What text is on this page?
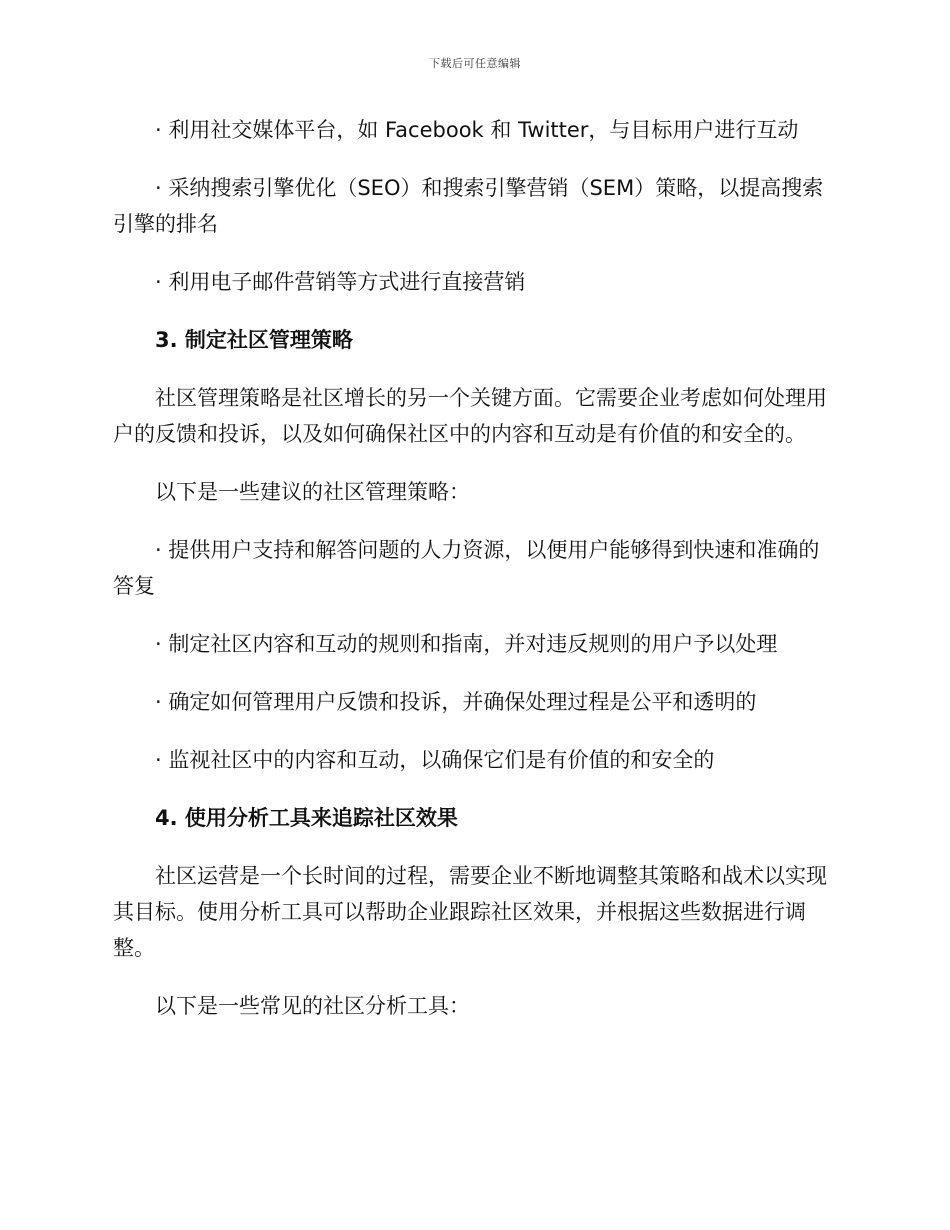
下载后可任意编辑

· 利用社交媒体平台，如 Facebook 和 Twitter，与目标用户进行互动

· 采纳搜索引擎优化（SEO）和搜索引擎营销（SEM）策略，以提高搜索引擎的排名

· 利用电子邮件营销等方式进行直接营销

3. 制定社区管理策略

社区管理策略是社区增长的另一个关键方面。它需要企业考虑如何处理用户的反馈和投诉，以及如何确保社区中的内容和互动是有价值的和安全的。

以下是一些建议的社区管理策略：

· 提供用户支持和解答问题的人力资源，以便用户能够得到快速和准确的答复

· 制定社区内容和互动的规则和指南，并对违反规则的用户予以处理

· 确定如何管理用户反馈和投诉，并确保处理过程是公平和透明的

· 监视社区中的内容和互动，以确保它们是有价值的和安全的

4. 使用分析工具来追踪社区效果

社区运营是一个长时间的过程，需要企业不断地调整其策略和战术以实现其目标。使用分析工具可以帮助企业跟踪社区效果，并根据这些数据进行调整。

以下是一些常见的社区分析工具：
